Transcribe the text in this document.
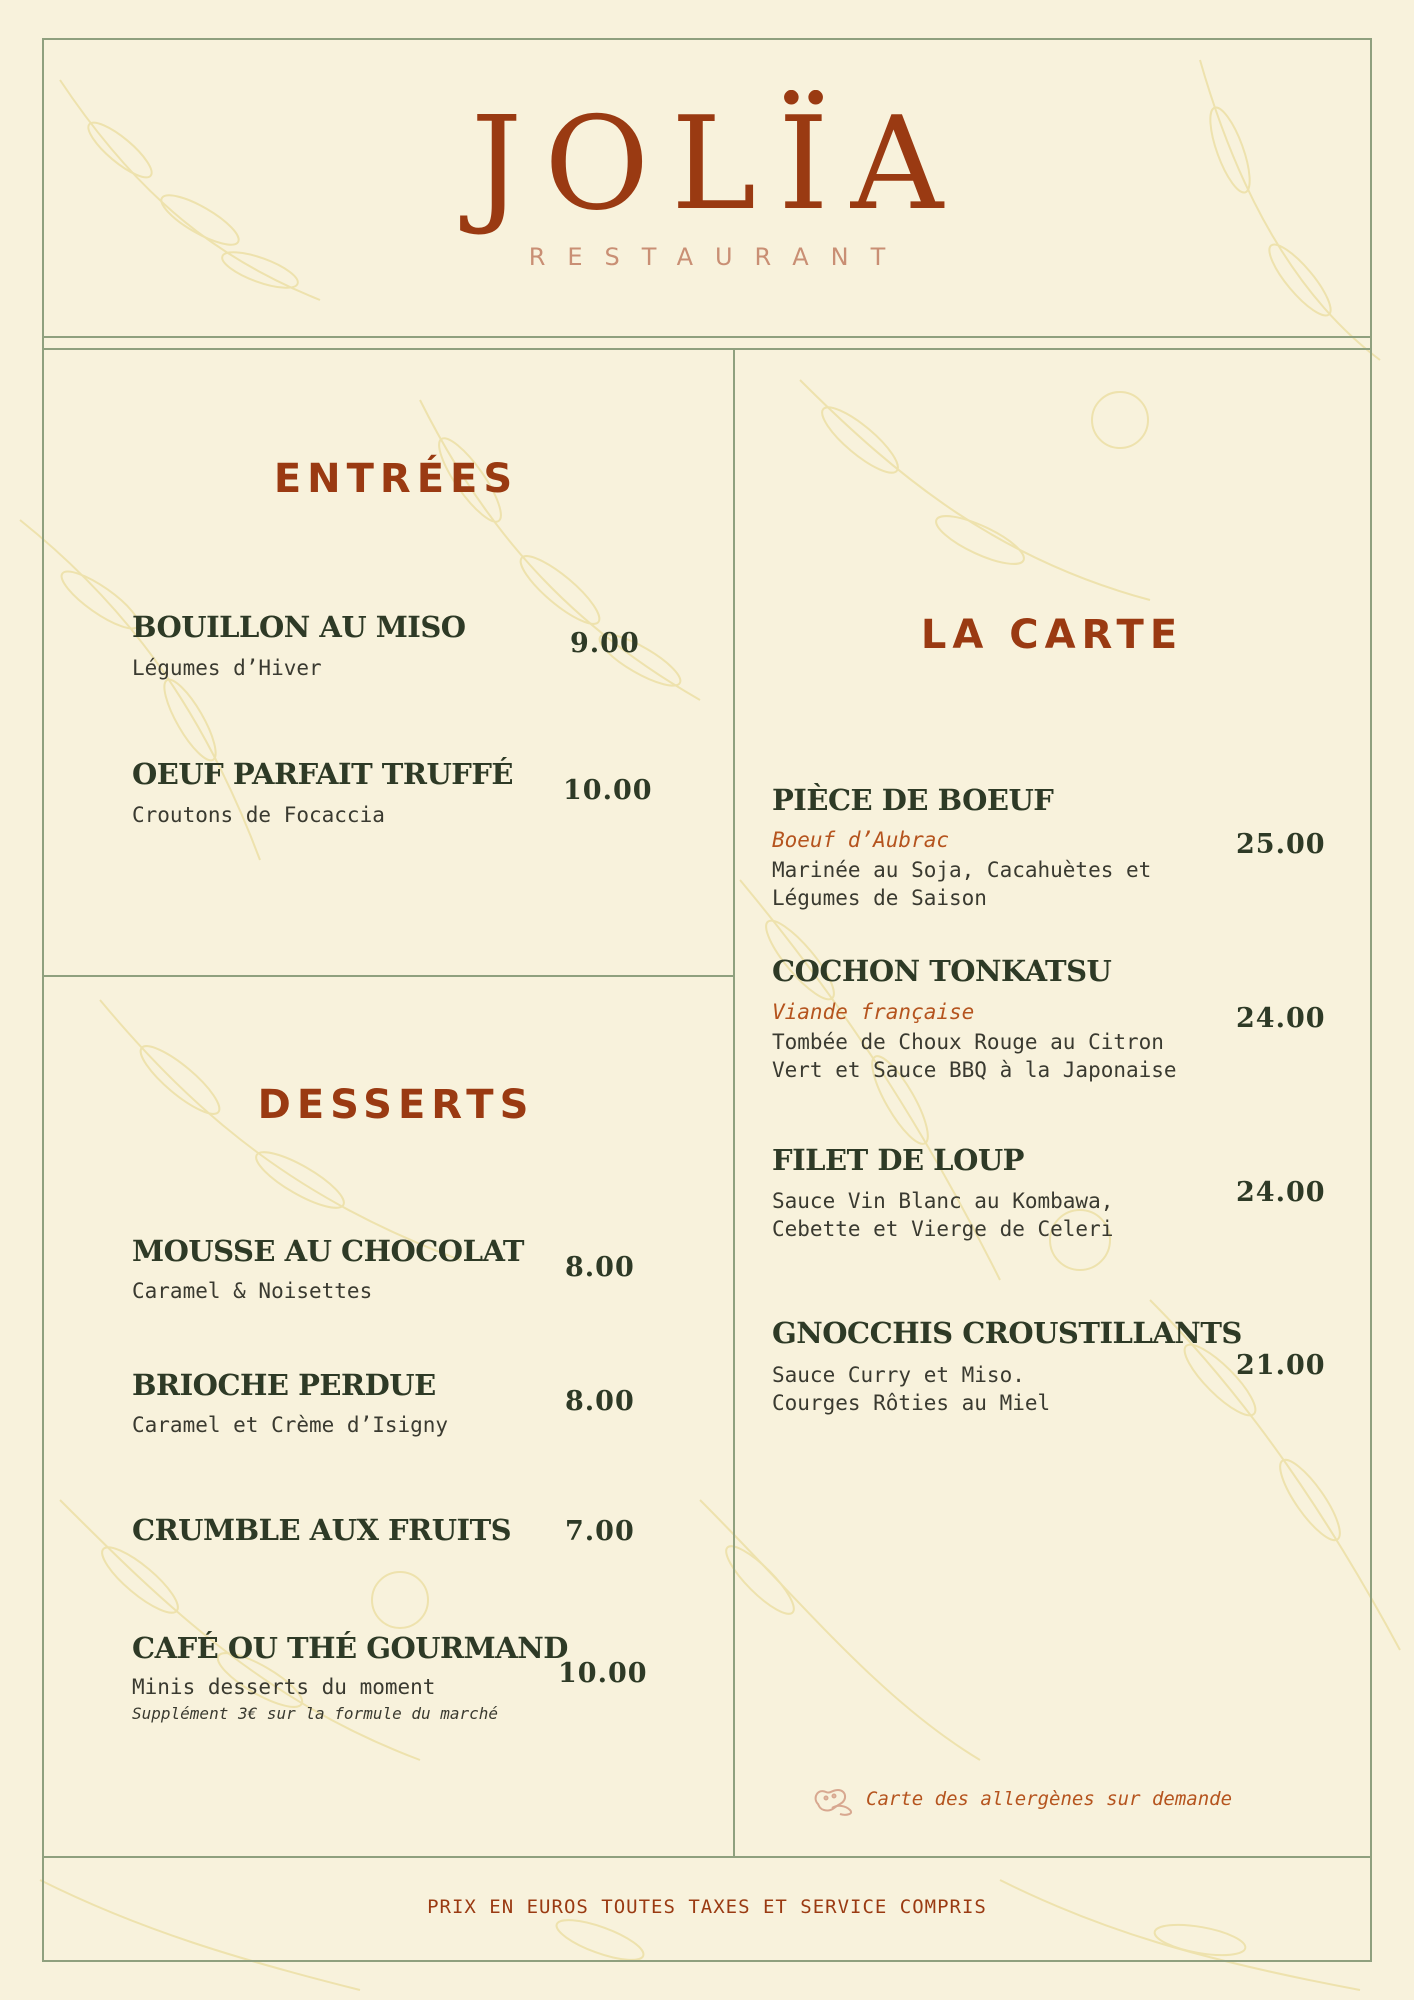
JOLÏA
RESTAURANT
ENTRÉES
BOUILLON AU MISO
Légumes d’Hiver
9.00
OEUF PARFAIT TRUFFÉ
Croutons de Focaccia
10.00
DESSERTS
MOUSSE AU CHOCOLAT
Caramel & Noisettes
8.00
BRIOCHE PERDUE
Caramel et Crème d’Isigny
8.00
CRUMBLE AUX FRUITS 7.00
CAFÉ OU THÉ GOURMAND
Minis desserts du moment
Supplément 3€ sur la formule du marché
10.00
LA CARTE
PIÈCE DE BOEUF
Boeuf d’Aubrac
Marinée au Soja, Cacahuètes et
Légumes de Saison
25.00
COCHON TONKATSU
Viande française
Tombée de Choux Rouge au Citron
Vert et Sauce BBQ à la Japonaise
24.00
FILET DE LOUP
Sauce Vin Blanc au Kombawa,
Cebette et Vierge de Celeri
24.00
GNOCCHIS CROUSTILLANTS
Sauce Curry et Miso.
Courges Rôties au Miel
21.00
Carte des allergènes sur demande
PRIX EN EUROS TOUTES TAXES ET SERVICE COMPRIS
